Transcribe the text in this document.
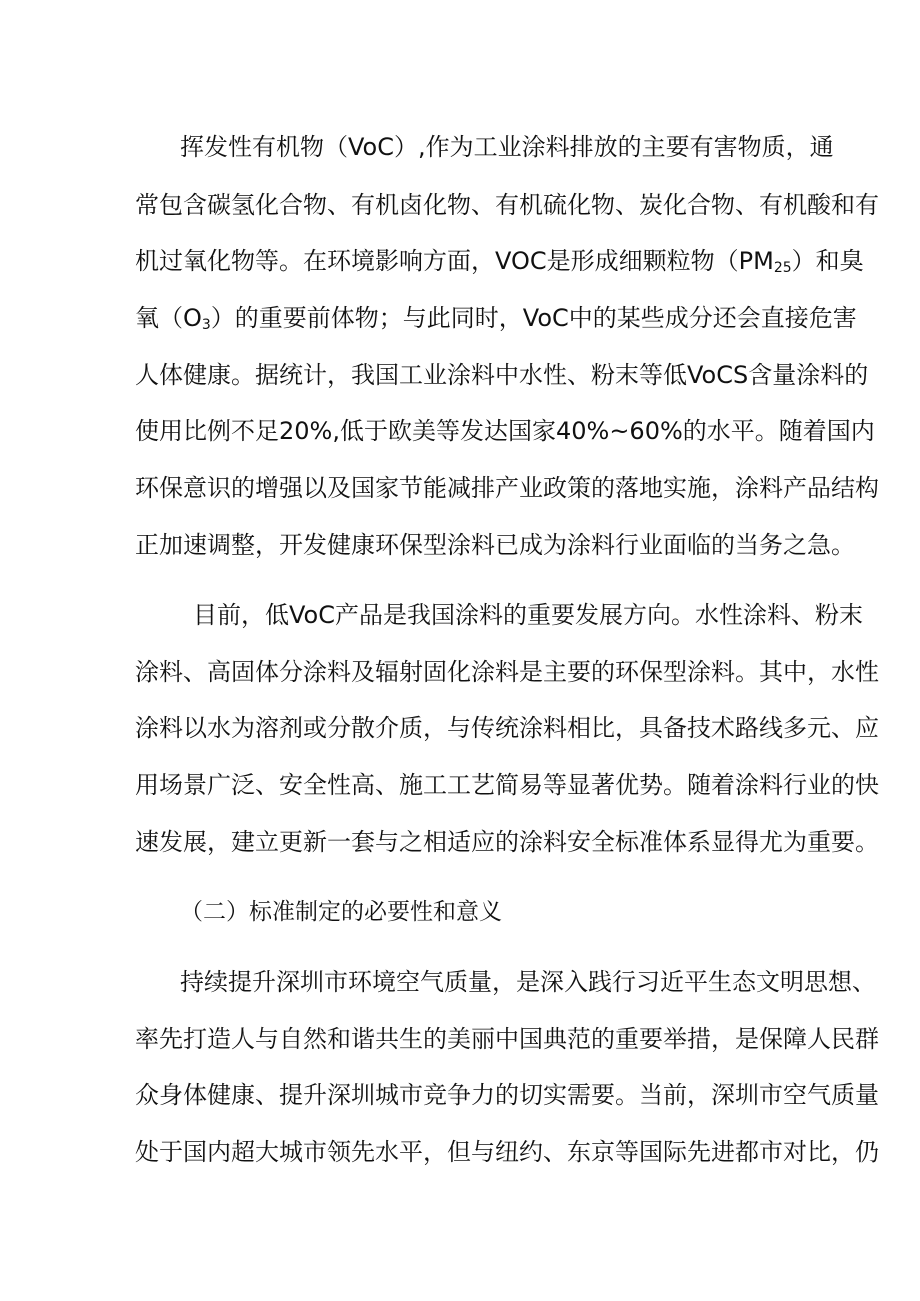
挥发性有机物（VoC）,作为工业涂料排放的主要有害物质，通

常包含碳氢化合物、有机卤化物、有机硫化物、炭化合物、有机酸和有

机过氧化物等。在环境影响方面，VOC是形成细颗粒物$(PM_{25})$和臭

氧$(O_3)$的重要前体物；与此同时，VoC中的某些成分还会直接危害

人体健康。据统计，我国工业涂料中水性、粉末等低VoCS含量涂料的

使用比例不足20%,低于欧美等发达国家40%~60%的水平。随着国内

环保意识的增强以及国家节能减排产业政策的落地实施，涂料产品结构

正加速调整，开发健康环保型涂料已成为涂料行业面临的当务之急。

目前，低VoC产品是我国涂料的重要发展方向。水性涂料、粉末

涂料、高固体分涂料及辐射固化涂料是主要的环保型涂料。其中，水性

涂料以水为溶剂或分散介质，与传统涂料相比，具备技术路线多元、应

用场景广泛、安全性高、施工工艺简易等显著优势。随着涂料行业的快

速发展，建立更新一套与之相适应的涂料安全标准体系显得尤为重要。

（二）标准制定的必要性和意义

持续提升深圳市环境空气质量，是深入践行习近平生态文明思想、

率先打造人与自然和谐共生的美丽中国典范的重要举措，是保障人民群

众身体健康、提升深圳城市竞争力的切实需要。当前，深圳市空气质量

处于国内超大城市领先水平，但与纽约、东京等国际先进都市对比，仍
